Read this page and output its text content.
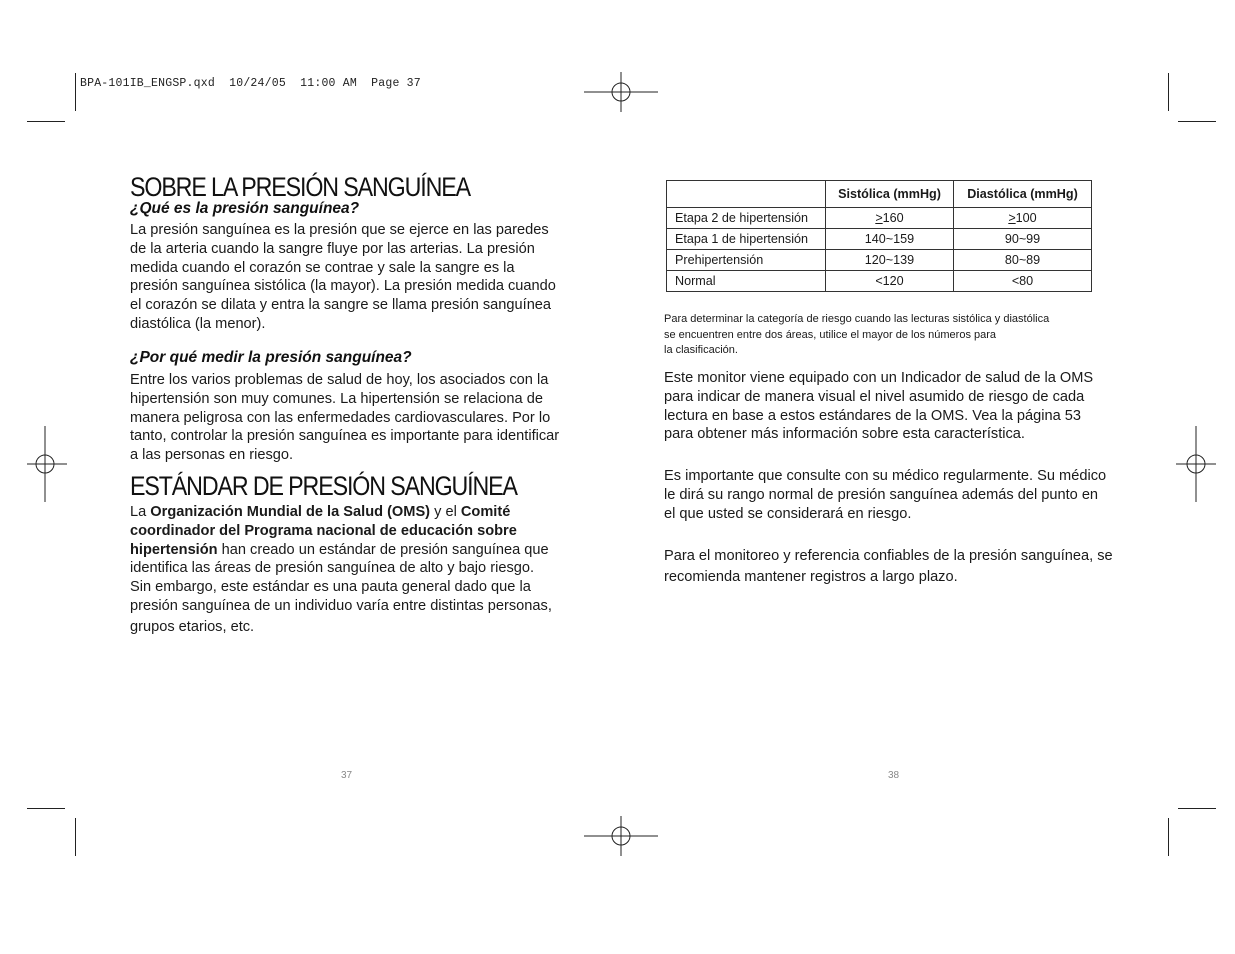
BPA-101IB_ENGSP.qxd  10/24/05  11:00 AM  Page 37
SOBRE LA PRESIÓN SANGUÍNEA
¿Qué es la presión sanguínea?

La presión sanguínea es la presión que se ejerce en las paredes
de la arteria cuando la sangre fluye por las arterias. La presión
medida cuando el corazón se contrae y sale la sangre es la
presión sanguínea sistólica (la mayor). La presión medida cuando
el corazón se dilata y entra la sangre se llama presión sanguínea
diastólica (la menor).

¿Por qué medir la presión sanguínea?

Entre los varios problemas de salud de hoy, los asociados con la
hipertensión son muy comunes. La hipertensión se relaciona de
manera peligrosa con las enfermedades cardiovasculares. Por lo
tanto, controlar la presión sanguínea es importante para identificar
a las personas en riesgo.

ESTÁNDAR DE PRESIÓN SANGUÍNEA

La Organización Mundial de la Salud (OMS) y el Comité
coordinador del Programa nacional de educación sobre
hipertensión han creado un estándar de presión sanguínea que
identifica las áreas de presión sanguínea de alto y bajo riesgo.
Sin embargo, este estándar es una pauta general dado que la
presión sanguínea de un individuo varía entre distintas personas,
grupos etarios, etc.

37
	Sistólica (mmHg)	Diastólica (mmHg)
Etapa 2 de hipertensión	≥160	≥100
Etapa 1 de hipertensión	140~159	90~99
Prehipertensión	120~139	80~89
Normal	<120	<80
Para determinar la categoría de riesgo cuando las lecturas sistólica y diastólica
se encuentren entre dos áreas, utilice el mayor de los números para
la clasificación.

Este monitor viene equipado con un Indicador de salud de la OMS
para indicar de manera visual el nivel asumido de riesgo de cada
lectura en base a estos estándares de la OMS. Vea la página 53
para obtener más información sobre esta característica.

Es importante que consulte con su médico regularmente. Su médico
le dirá su rango normal de presión sanguínea además del punto en
el que usted se considerará en riesgo.

Para el monitoreo y referencia confiables de la presión sanguínea, se
recomienda mantener registros a largo plazo.

38
